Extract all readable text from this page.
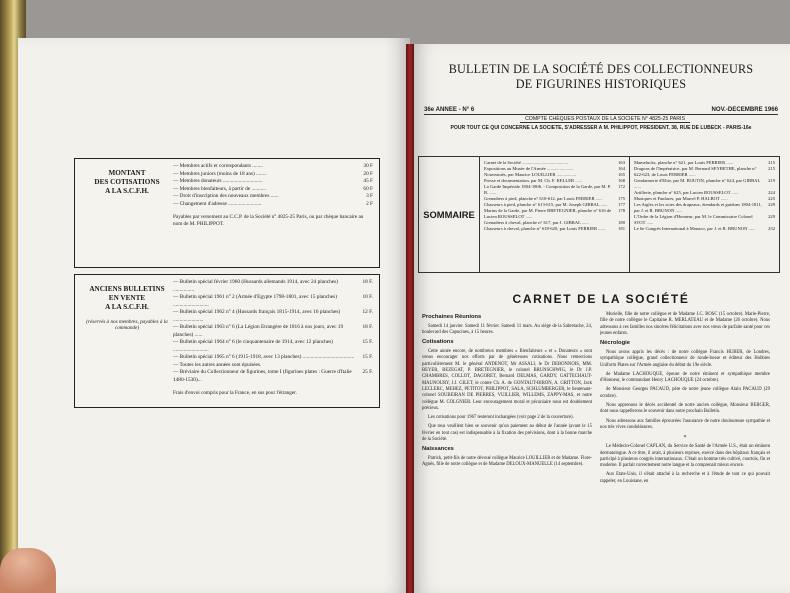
MONTANT
DES COTISATIONS
A LA S.C.F.H.
— Membres actifs et correspondants ........	30 F
— Membres juniors (moins de 18 ans) ........	20 F
— Membres donateurs ..............................	45 F
— Membres bienfaiteurs, à partir de ...........	60 F
— Droit d'inscription des nouveaux membres ......	3 F
— Changement d'adresse .........................	2 F
Payables par versement au C.C.P. de la Société n° 4825-25 Paris, ou par chèque bancaire au nom de M. PHILIPPOT.
ANCIENS BULLETINS
EN VENTE
A LA S.C.F.H.
(réservés à nos membres, payables à la commande)
— Bulletin spécial février 1960 (Hussards allemands 1914, avec 24 planches) ................
18 F.
— Bulletin spécial 1961 n° 2 (Armée d'Egypte 1798-1801, avec 15 planches) ...........................
10 F.
— Bulletin spécial 1962 n° 4 (Hussards français 1815-1914, avec 16 planches) .......................
12 F.
— Bulletin spécial 1963 n° 6 (La Légion Etrangère de 1816 à nos jours, avec 19 planches) ......
18 F.
— Bulletin spécial 1964 n° 6 (le cinquantenaire de 1914, avec 12 planches) ...........................
15 F.
— Bulletin spécial 1965 n° 6 (1915-1918, avec 13 planches) .......................................	15 F.
— Toutes les autres années sont épuisées.
— Bréviaire du Collectionneur de figurines, tome I (figurines plates : Guerre d'Italie 1480-1530)...
25 F.
Frais d'envoi compris pour la France, en sus pour l'étranger.
BULLETIN DE LA SOCIÉTÉ DES COLLECTIONNEURS
DE FIGURINES HISTORIQUES
36e ANNEE - N° 6	NOV.-DECEMBRE 1966
COMPTE CHÈQUES POSTAUX DE LA SOCIETE N° 4825-25 PARIS
POUR TOUT CE QUI CONCERNE LA SOCIETE, S'ADRESSER A M. PHILIPPOT, PRESIDENT, 38, RUE DE LUBECK - PARIS-16e
SOMMAIRE
Carnet de la Société ........................................	163
Expositions au Musée de l'Armée .......................	164
Nouveautés, par Maurice LOUILLIER .................	165
Presse et documentation, par M. Ch. F. KELLER ......	168
La Garde Impériale 1804-1806. - Composition de la Garde, par M. P. B. ......
172
Grenadiers à pied, planche n° 610-612, par Louis FERRIER ......	175
Chasseurs à pied, planche n° 613-615, par M. Joseph GIBBAL ......	177
Marins de la Garde, par M. Pierre BRETEGNIER, planche n° 616 de Lucien ROUSSELOT ......
178
Grenadiers à cheval, planche n° 617, par J. GIBBAL ......	180
Chasseurs à cheval, planche n° 618-620, par Louis FERRIER ......	181
Mamelucks, planche n° 621, par Louis FERRIER ......	215
Dragons de l'Impératrice, par M. Bernard SEYBETHE, planche n° 622-623, de Louis FERRIER ......
215
Gendarmerie d'Elite, par M. BOUTIN, planche n° 624, par GIBBAL ......
219
Artillerie, planche n° 625, par Lucien ROUSSELOT ......	224
Musiques et Fanfares, par Marcel P. HALBOT ......	225
Les Aigles et les soies des drapeaux, étendards et guidons 1804-1811, par J. et R. BRUNON ......
229
L'Ordre de la Légion d'Honneur, par M. le Commissaire Colonel STOT ......
229
Le 6e Congrès International à Monaco, par J. et R. BRUNON ......	232
CARNET DE LA SOCIÉTÉ
Prochaines Réunions

Samedi 14 janvier. Samedi 11 février. Samedi 11 mars. Au siège de la Sabretache, 24, boulevard des Capucines, à 15 heures.

Cotisations

Cette année encore, de nombreux membres « Bienfaiteurs » et « Donateurs » sont venus encourager nos efforts par de généreuses cotisations. Nous remercions particulièrement M. le général ANDENOT, Mr ASSALI, le Dr DEBONNOIS, MM. BEYER, BEZEGAT, P. BRETEGNIER, le colonel BRUNSCHWIG, le Dr J.P. CHAMBRES, COLLOT, DAGORET, Bernard DELMAS, GARDY, GATTECHAUT-MAUNOURY, J.J. GILET, le comte Ch. A. de GONTAUT-BIRON, A. GRITTON, Jack LECLERC, MEHEZ, PETITOT, PHILIPPOT, SALA, SCHLUMBERGER, le lieutenant-colonel SOUBEIRAN DE PIERRES, VUILLIER, WILLEMS, ZAPPY-MAS, et notre collègue M. COLGNIER. Leur encouragement moral et pécuniaire nous est doublement précieux.

Les cotisations pour 1967 resteront inchangées (voir page 2 de la couverture).

Que tous veuillent bien se souvenir qu'un paiement au début de l'année (avant le 15 février en tout cas) est indispensable à la fixation des prévisions, dont à la bonne marche de la Société.

Naissances

Patrick, petit-fils de notre dévoué collègue Maurice LOUILLIER et de Madame. Flore-Agnès, fille de notre collègue et de Madame DELOUX-MANUELLE (14 septembre).

Murielle, fille de notre collègue et de Madame J.C. BOSC (15 octobre). Marie-Pierre, fille de notre collègue le Capitaine R. MERLATEAU et de Madame (26 octobre). Nous adressons à ces familles nos sincères félicitations avec nos vœux de parfaite santé pour ces jeunes enfants.

Nécrologie

Nous avons appris les décès : de notre collègue Francis HUBER, de Londres, sympathique collègue, grand collectionneur de ronde-bosse et éditeur des Hobbies Uniform Plates sur l'Armée anglaise du début du 19e siècle.

de Madame LACHOUQUE, épouse de notre éminent et sympathique membre d'Honneur, le commandant Henry LACHOUQUE (24 octobre).

de Monsieur Georges PACAUD, père de notre jeune collègue Alain PACAUD (29 octobre).

Nous apprenons le décès accidentel de notre ancien collègue, Monsieur BERGER, dont nous rappellerons le souvenir dans notre prochain Bulletin.

Nous adressons aux familles éprouvées l'assurance de notre douloureuse sympathie et nos très vives condoléances.

*

Le Médecin-Colonel CAPLAN, du Service de Santé de l'Armée U.S., était un éminent dermatologue. A ce titre, il avait, à plusieurs reprises, exercé dans des hôpitaux français et participé à plusieurs congrès internationaux. C'était un homme très cultivé, courtois, fin et moderne. Il parlait correctement notre langue et la comprenait mieux encore.

Aux Etats-Unis, il s'était attaché à la recherche et à l'étude de tout ce qui pouvait rappeler, en Louisiane, en
